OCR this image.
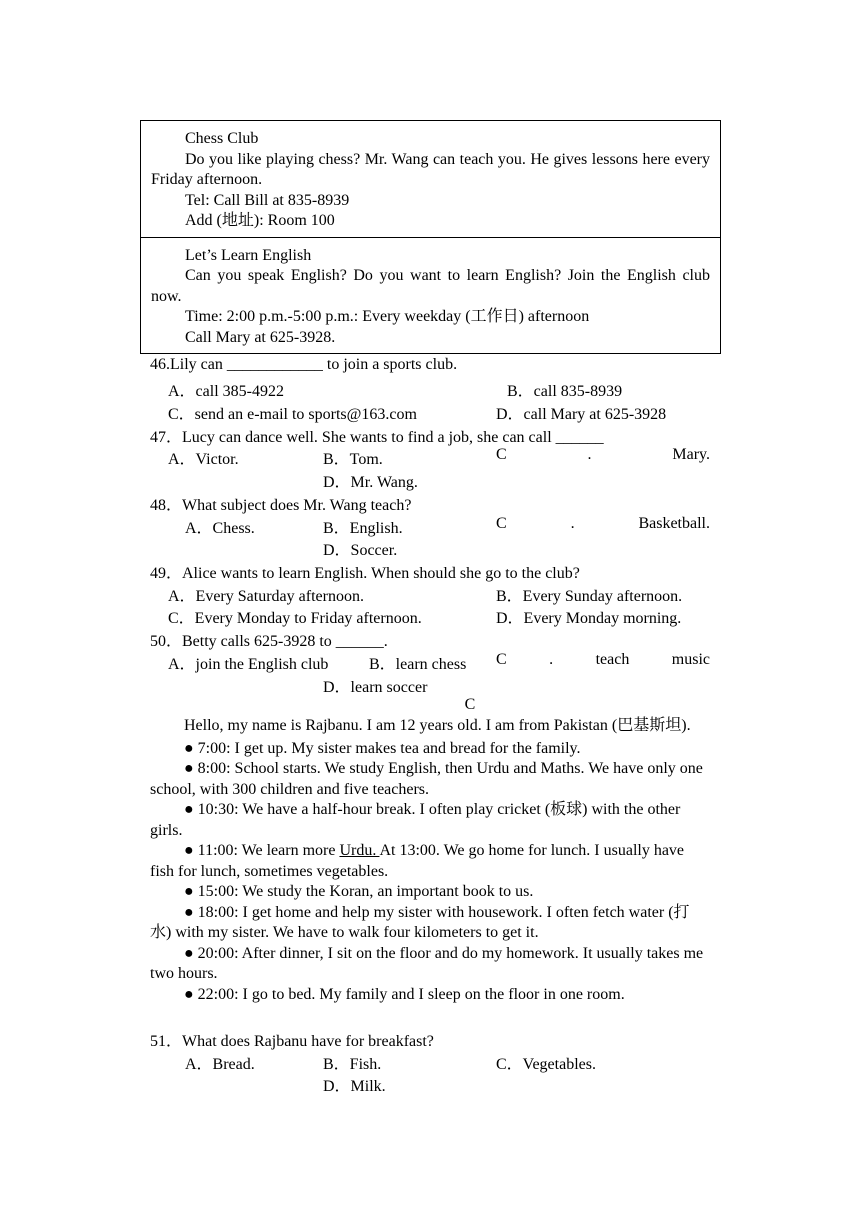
Chess Club
Do you like playing chess? Mr. Wang can teach you. He gives lessons here every Friday afternoon.
Tel: Call Bill at 835-8939
Add (地址): Room 100
Let’s Learn English
Can you speak English? Do you want to learn English? Join the English club now.
Time: 2:00 p.m.-5:00 p.m.: Every weekday (工作日) afternoon
Call Mary at 625-3928.
46.Lily can ____________ to join a sports club.
A．call 385-4922	B．call 835-8939
C．send an e-mail to sports@163.com	D．call Mary at 625-3928
47．Lucy can dance well. She wants to find a job, she can call ______
A．Victor.	B．Tom.	C	.	Mary.
D．Mr. Wang.
48．What subject does Mr. Wang teach?
A．Chess.	B．English.	C	.	Basketball.
D．Soccer.
49．Alice wants to learn English. When should she go to the club?
A．Every Saturday afternoon.	B．Every Sunday afternoon.
C．Every Monday to Friday afternoon.	D．Every Monday morning.
50．Betty calls 625-3928 to ______.
A．join the English club	B．learn chess C	.	teach	music
D．learn soccer
C
Hello, my name is Rajbanu. I am 12 years old. I am from Pakistan (巴基斯坦).
● 7:00: I get up. My sister makes tea and bread for the family.
● 8:00: School starts. We study English, then Urdu and Maths. We have only one school, with 300 children and five teachers.
● 10:30: We have a half-hour break. I often play cricket (板球) with the other girls.
● 11:00: We learn more Urdu. At 13:00. We go home for lunch. I usually have fish for lunch, sometimes vegetables.
● 15:00: We study the Koran, an important book to us.
● 18:00: I get home and help my sister with housework. I often fetch water (打水) with my sister. We have to walk four kilometers to get it.
● 20:00: After dinner, I sit on the floor and do my homework. It usually takes me two hours.
● 22:00: I go to bed. My family and I sleep on the floor in one room.
51．What does Rajbanu have for breakfast?
A．Bread.	B．Fish.	C．Vegetables.
D．Milk.
